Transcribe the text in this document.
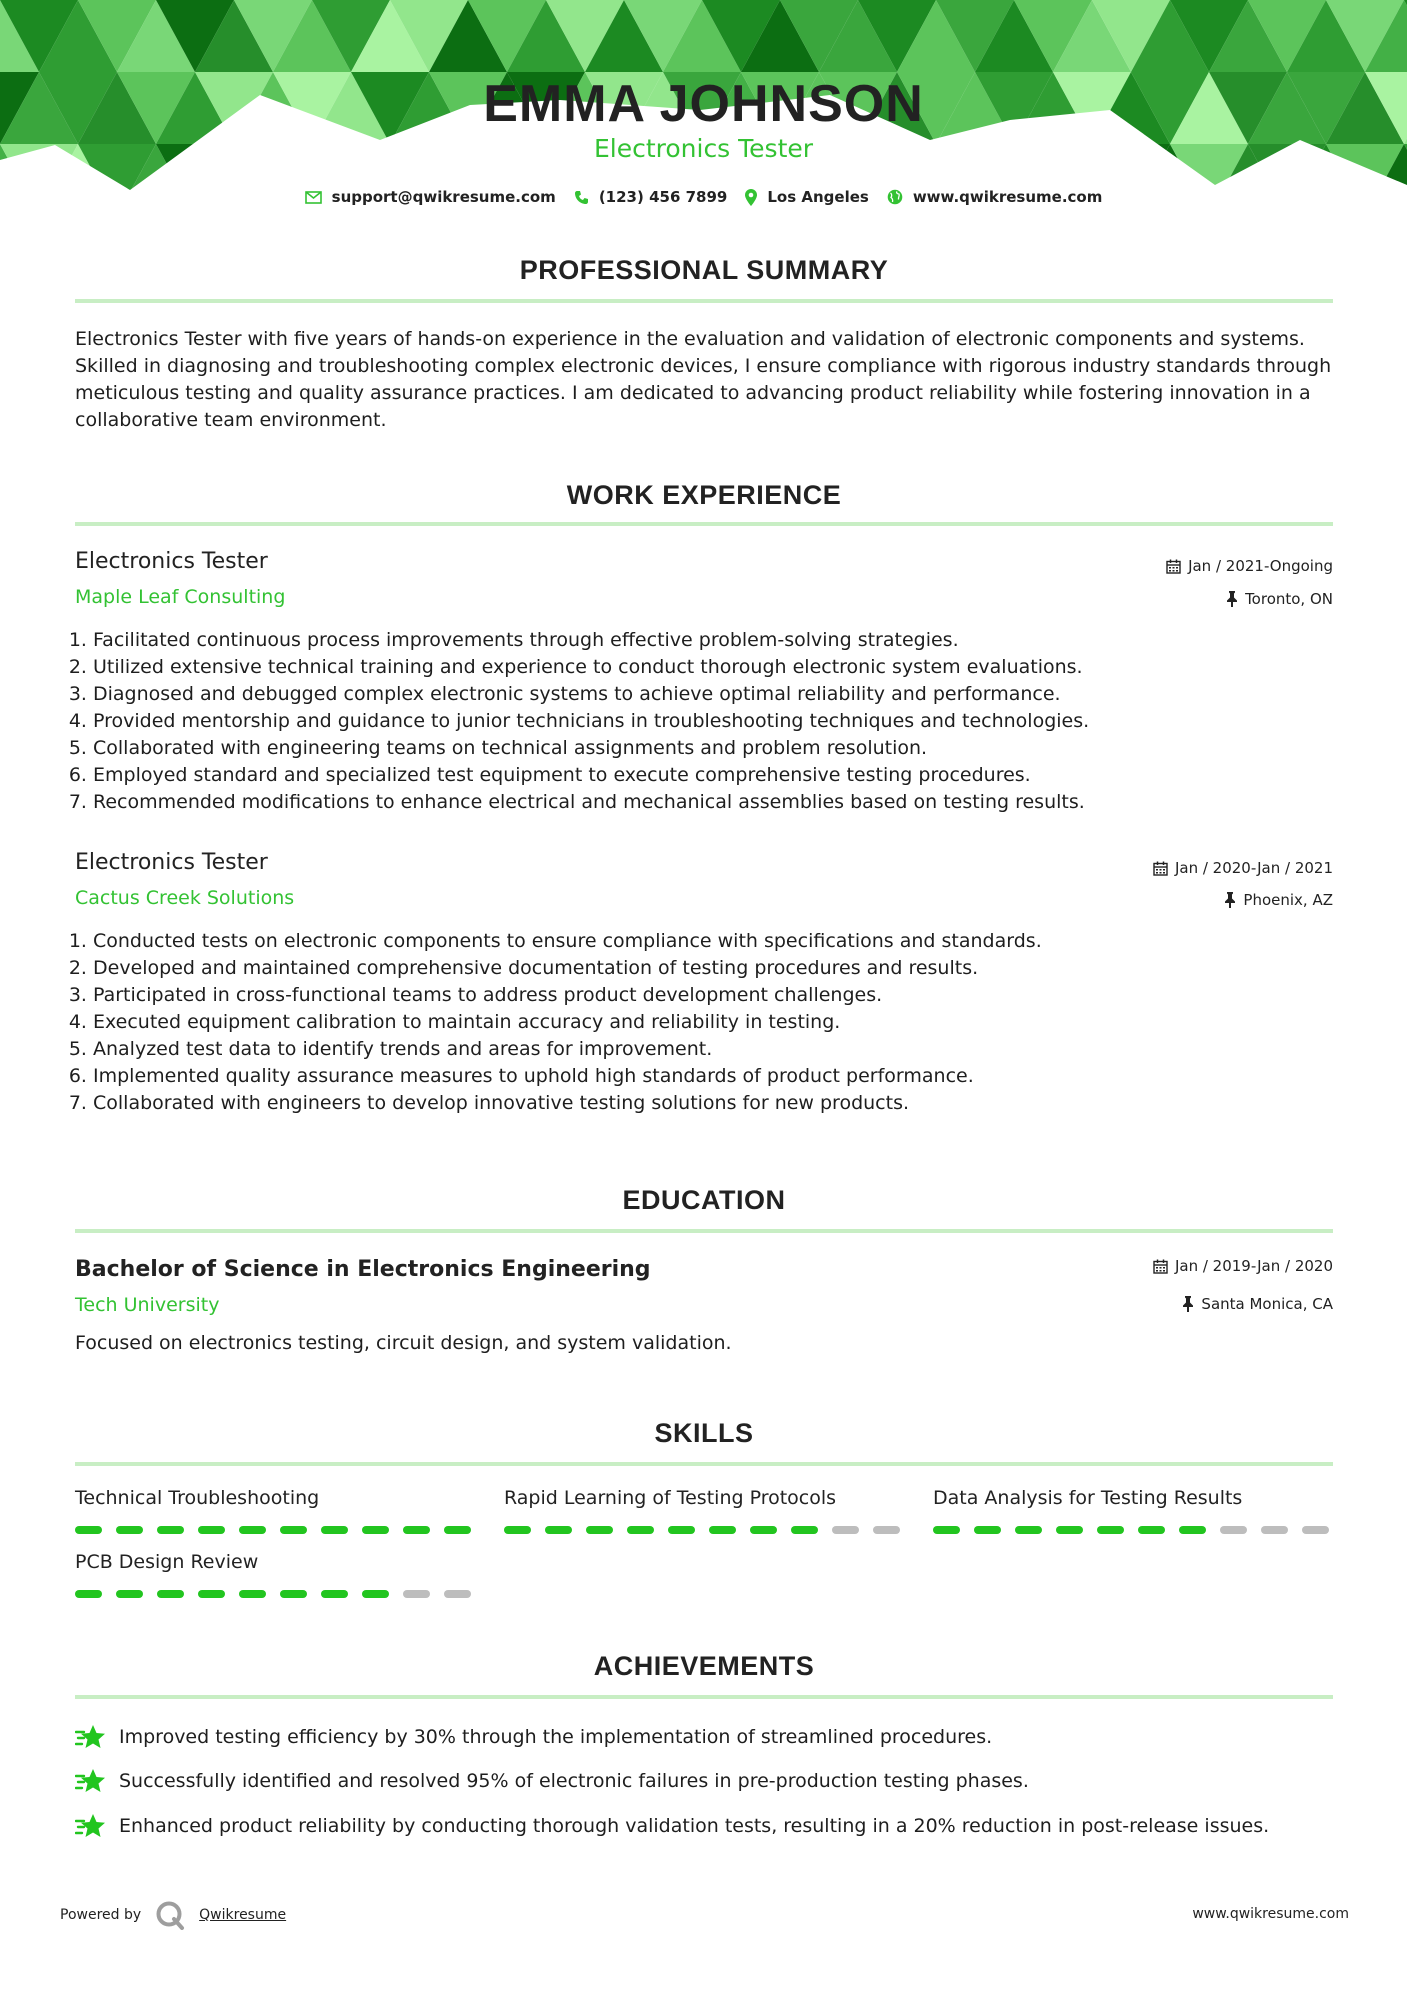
EMMA JOHNSON
Electronics Tester
support@qwikresume.com	(123) 456 7899	Los Angeles	www.qwikresume.com
PROFESSIONAL SUMMARY
Electronics Tester with five years of hands-on experience in the evaluation and validation of electronic components and systems. Skilled in diagnosing and troubleshooting complex electronic devices, I ensure compliance with rigorous industry standards through meticulous testing and quality assurance practices. I am dedicated to advancing product reliability while fostering innovation in a collaborative team environment.
WORK EXPERIENCE
Electronics Tester
Maple Leaf Consulting
Jan / 2021-Ongoing
Toronto, ON
1. Facilitated continuous process improvements through effective problem-solving strategies.
2. Utilized extensive technical training and experience to conduct thorough electronic system evaluations.
3. Diagnosed and debugged complex electronic systems to achieve optimal reliability and performance.
4. Provided mentorship and guidance to junior technicians in troubleshooting techniques and technologies.
5. Collaborated with engineering teams on technical assignments and problem resolution.
6. Employed standard and specialized test equipment to execute comprehensive testing procedures.
7. Recommended modifications to enhance electrical and mechanical assemblies based on testing results.
Electronics Tester
Cactus Creek Solutions
Jan / 2020-Jan / 2021
Phoenix, AZ
1. Conducted tests on electronic components to ensure compliance with specifications and standards.
2. Developed and maintained comprehensive documentation of testing procedures and results.
3. Participated in cross-functional teams to address product development challenges.
4. Executed equipment calibration to maintain accuracy and reliability in testing.
5. Analyzed test data to identify trends and areas for improvement.
6. Implemented quality assurance measures to uphold high standards of product performance.
7. Collaborated with engineers to develop innovative testing solutions for new products.
EDUCATION
Bachelor of Science in Electronics Engineering
Tech University
Jan / 2019-Jan / 2020
Santa Monica, CA
Focused on electronics testing, circuit design, and system validation.
SKILLS
Technical Troubleshooting	Rapid Learning of Testing Protocols	Data Analysis for Testing Results
PCB Design Review
ACHIEVEMENTS
Improved testing efficiency by 30% through the implementation of streamlined procedures.
Successfully identified and resolved 95% of electronic failures in pre-production testing phases.
Enhanced product reliability by conducting thorough validation tests, resulting in a 20% reduction in post-release issues.
Powered by	Qwikresume	www.qwikresume.com
